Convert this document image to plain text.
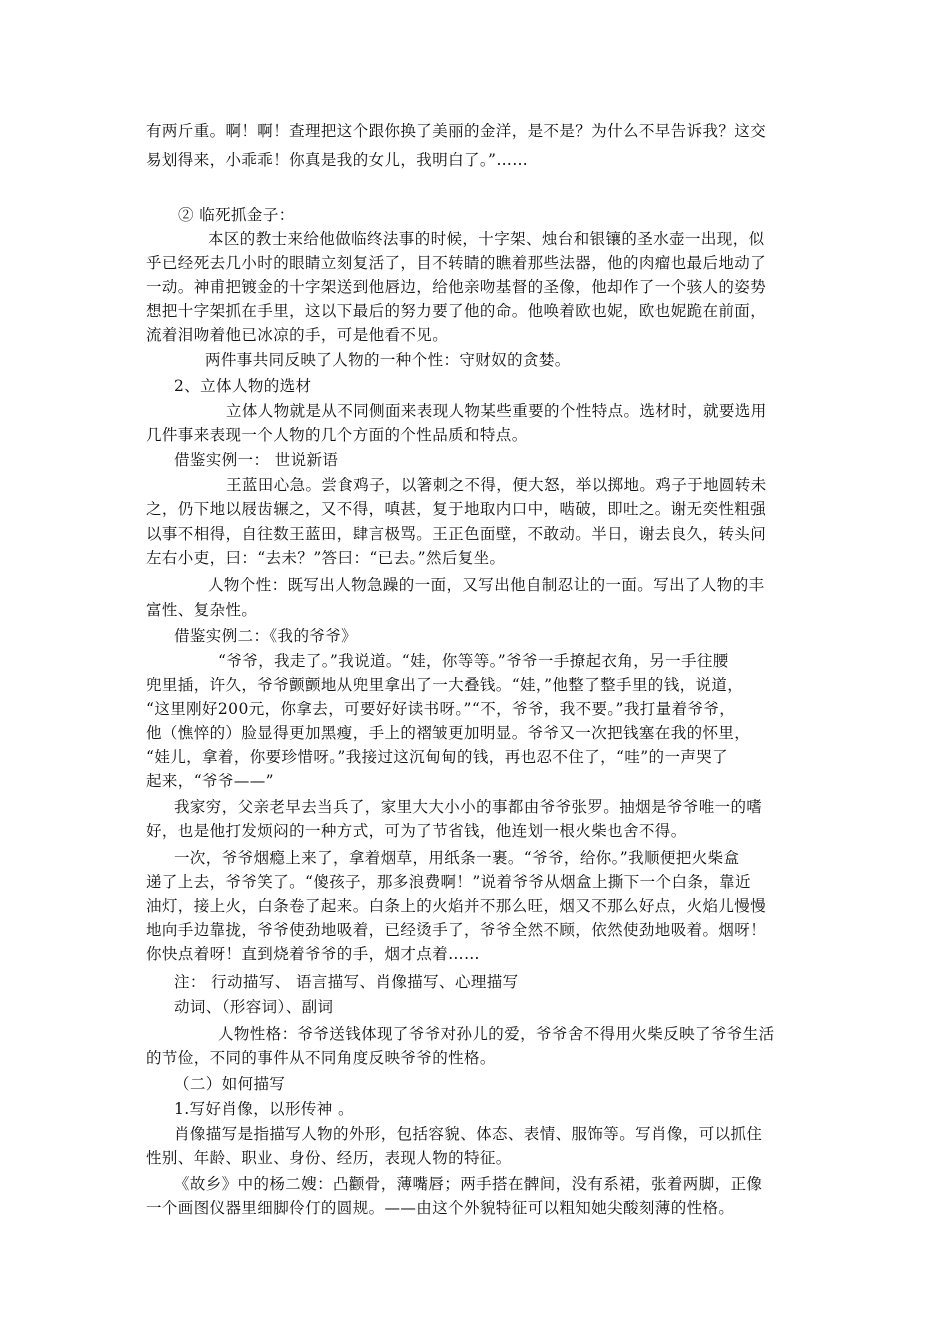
有两斤重。啊！啊！查理把这个跟你换了美丽的金洋，是不是？为什么不早告诉我？这交
易划得来，小乖乖！你真是我的女儿，我明白了。”……
② 临死抓金子：
本区的教士来给他做临终法事的时候，十字架、烛台和银镶的圣水壶一出现，似
乎已经死去几小时的眼睛立刻复活了，目不转睛的瞧着那些法器，他的肉瘤也最后地动了
一动。神甫把镀金的十字架送到他唇边，给他亲吻基督的圣像，他却作了一个骇人的姿势
想把十字架抓在手里，这以下最后的努力要了他的命。他唤着欧也妮，欧也妮跪在前面，
流着泪吻着他已冰凉的手，可是他看不见。
两件事共同反映了人物的一种个性：守财奴的贪婪。
2、立体人物的选材
立体人物就是从不同侧面来表现人物某些重要的个性特点。选材时，就要选用
几件事来表现一个人物的几个方面的个性品质和特点。
借鉴实例一： 世说新语
王蓝田心急。尝食鸡子，以箸刺之不得，便大怒，举以掷地。鸡子于地圆转未
之，仍下地以屐齿辗之，又不得，嗔甚，复于地取内口中，啮破，即吐之。谢无奕性粗强
以事不相得，自往数王蓝田，肆言极骂。王正色面壁，不敢动。半日，谢去良久，转头问
左右小吏，曰：“去未？”答曰：“已去。”然后复坐。
人物个性：既写出人物急躁的一面，又写出他自制忍让的一面。写出了人物的丰
富性、复杂性。
借鉴实例二：《我的爷爷》
“爷爷，我走了。”我说道。“娃，你等等。”爷爷一手撩起衣角，另一手往腰
兜里插，许久，爷爷颤颤地从兜里拿出了一大叠钱。“娃，”他整了整手里的钱，说道，
“这里刚好200元，你拿去，可要好好读书呀。”“不，爷爷，我不要。”我打量着爷爷，
他（憔悴的）脸显得更加黑瘦，手上的褶皱更加明显。爷爷又一次把钱塞在我的怀里，
“娃儿，拿着，你要珍惜呀。”我接过这沉甸甸的钱，再也忍不住了，“哇”的一声哭了
起来，“爷爷——”
我家穷，父亲老早去当兵了，家里大大小小的事都由爷爷张罗。抽烟是爷爷唯一的嗜
好，也是他打发烦闷的一种方式，可为了节省钱，他连划一根火柴也舍不得。
一次，爷爷烟瘾上来了，拿着烟草，用纸条一裹。“爷爷，给你。”我顺便把火柴盒
递了上去，爷爷笑了。“傻孩子，那多浪费啊！”说着爷爷从烟盒上撕下一个白条，靠近
油灯，接上火，白条卷了起来。白条上的火焰并不那么旺，烟又不那么好点，火焰儿慢慢
地向手边靠拢，爷爷使劲地吸着，已经烫手了，爷爷全然不顾，依然使劲地吸着。烟呀！
你快点着呀！直到烧着爷爷的手，烟才点着……
注： 行动描写、 语言描写、肖像描写、心理描写
动词、（形容词）、副词
人物性格：爷爷送钱体现了爷爷对孙儿的爱，爷爷舍不得用火柴反映了爷爷生活
的节俭，不同的事件从不同角度反映爷爷的性格。
（二）如何描写
1.写好肖像，以形传神 。
肖像描写是指描写人物的外形，包括容貌、体态、表情、服饰等。写肖像，可以抓住
性别、年龄、职业、身份、经历，表现人物的特征。
《故乡》中的杨二嫂：凸颧骨，薄嘴唇；两手搭在髀间，没有系裙，张着两脚，正像
一个画图仪器里细脚伶仃的圆规。——由这个外貌特征可以粗知她尖酸刻薄的性格。
